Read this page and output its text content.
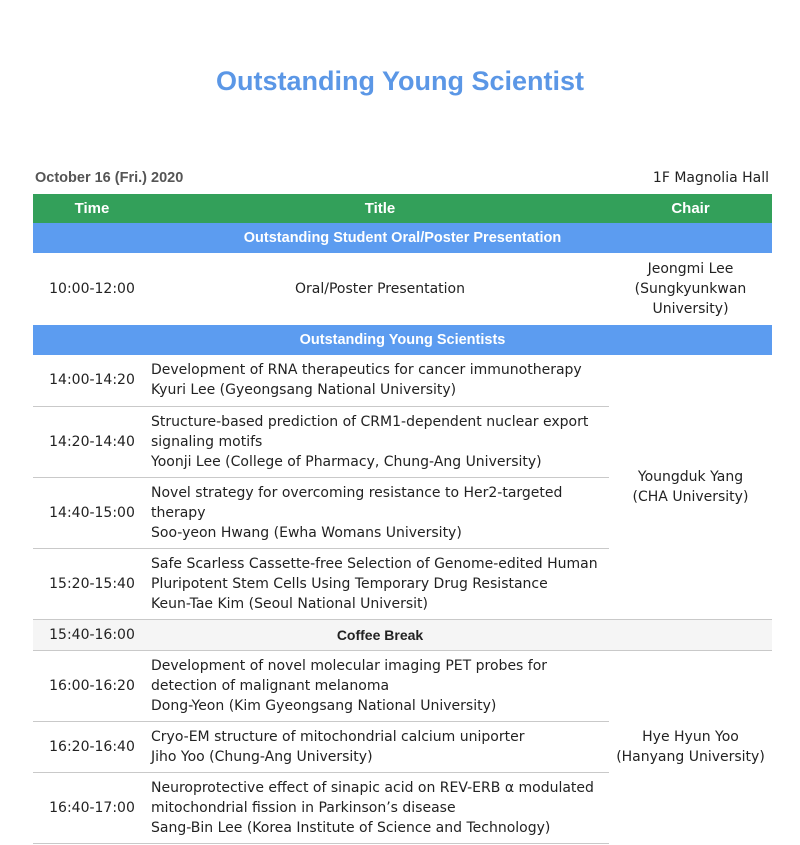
Outstanding Young Scientist
October 16 (Fri.) 2020	1F Magnolia Hall
Time	Title	Chair
Outstanding Student Oral/Poster Presentation		
10:00-12:00	Oral/Poster Presentation	Jeongmi Lee
(Sungkyunkwan
University)

Outstanding Young Scientists		
14:00-14:20	Development of RNA therapeutics for cancer immunotherapy
Kyuri Lee (Gyeongsang National University)	Youngduk Yang
(CHA University)

14:20-14:40	Structure-based prediction of CRM1-dependent nuclear export
signaling motifs
Yoonji Lee (College of Pharmacy, Chung-Ang University)	

14:40-15:00	Novel strategy for overcoming resistance to Her2-targeted
therapy
Soo-yeon Hwang (Ewha Womans University)	

15:20-15:40	Safe Scarless Cassette-free Selection of Genome-edited Human
Pluripotent Stem Cells Using Temporary Drug Resistance
Keun-Tae Kim (Seoul National Universit)	

15:40-16:00	Coffee Break	
16:00-16:20	Development of novel molecular imaging PET probes for
detection of malignant melanoma
Dong-Yeon (Kim Gyeongsang National University)	Hye Hyun Yoo
(Hanyang University)

16:20-16:40	Cryo-EM structure of mitochondrial calcium uniporter
Jiho Yoo (Chung-Ang University)	

16:40-17:00	Neuroprotective effect of sinapic acid on REV-ERB α modulated
mitochondrial fission in Parkinson’s disease
Sang-Bin Lee (Korea Institute of Science and Technology)	
